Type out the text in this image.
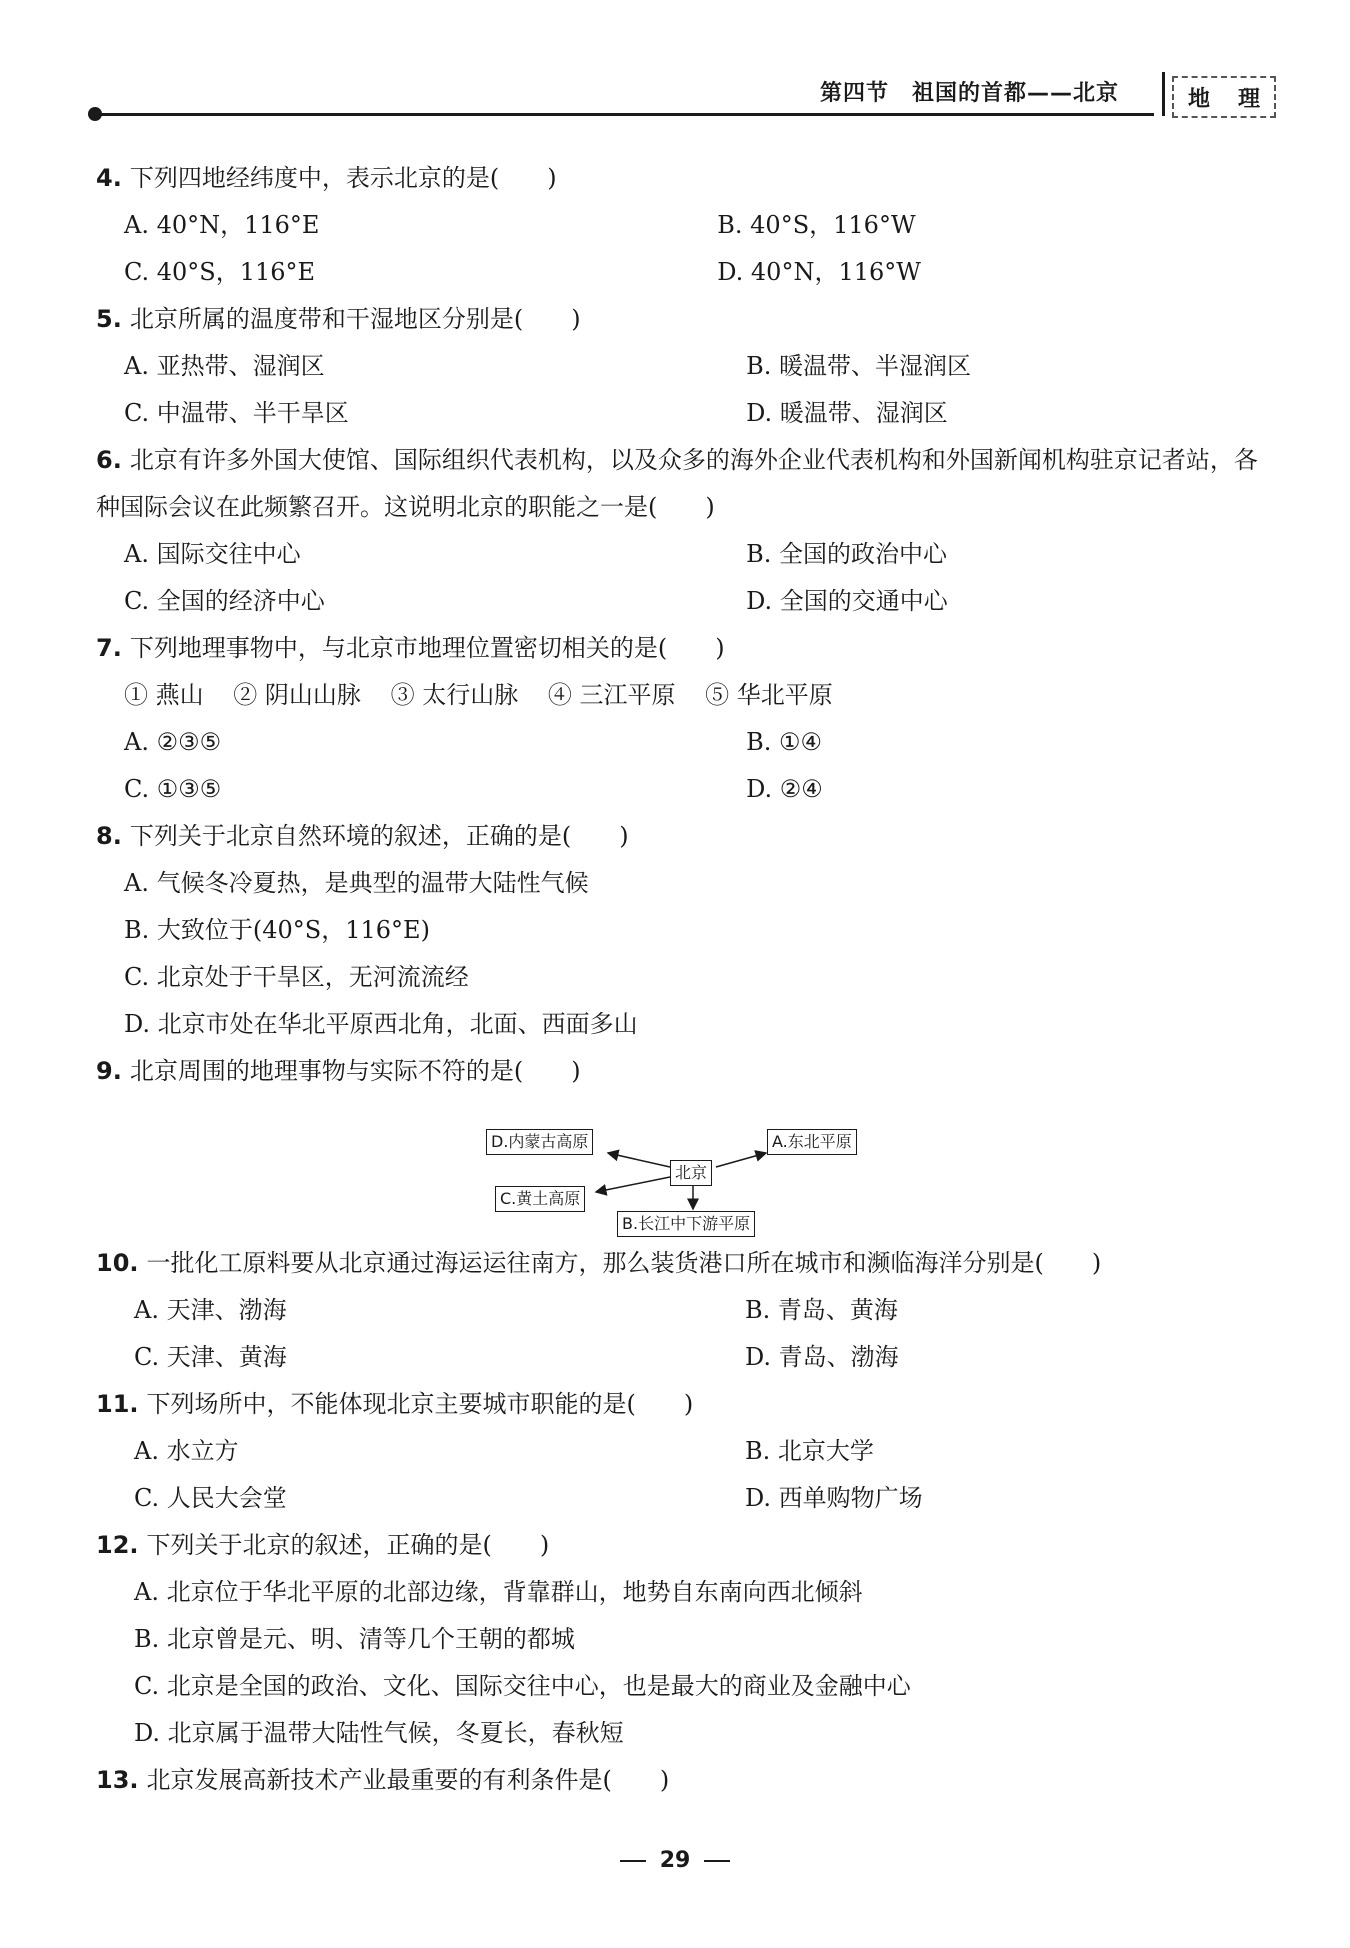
第四节　祖国的首都——北京	地 理
4. 下列四地经纬度中，表示北京的是(　　)
A. 40°N，116°E	B. 40°S，116°W
C. 40°S，116°E	D. 40°N，116°W
5. 北京所属的温度带和干湿地区分别是(　　)
A. 亚热带、湿润区	B. 暖温带、半湿润区
C. 中温带、半干旱区	D. 暖温带、湿润区
6. 北京有许多外国大使馆、国际组织代表机构，以及众多的海外企业代表机构和外国新闻机构驻京记者站，各种国际会议在此频繁召开。这说明北京的职能之一是(　　)
A. 国际交往中心	B. 全国的政治中心
C. 全国的经济中心	D. 全国的交通中心
7. 下列地理事物中，与北京市地理位置密切相关的是(　　)
① 燕山 ② 阴山山脉 ③ 太行山脉 ④ 三江平原 ⑤ 华北平原
A. ②③⑤	B. ①④
C. ①③⑤	D. ②④
8. 下列关于北京自然环境的叙述，正确的是(　　)
A. 气候冬冷夏热，是典型的温带大陆性气候
B. 大致位于(40°S，116°E)
C. 北京处于干旱区，无河流流经
D. 北京市处在华北平原西北角，北面、西面多山
9. 北京周围的地理事物与实际不符的是(　　)
D.内蒙古高原	A.东北平原
北京
C.黄土高原
B.长江中下游平原
10. 一批化工原料要从北京通过海运运往南方，那么装货港口所在城市和濒临海洋分别是(　　)
A. 天津、渤海	B. 青岛、黄海
C. 天津、黄海	D. 青岛、渤海
11. 下列场所中，不能体现北京主要城市职能的是(　　)
A. 水立方	B. 北京大学
C. 人民大会堂	D. 西单购物广场
12. 下列关于北京的叙述，正确的是(　　)
A. 北京位于华北平原的北部边缘，背靠群山，地势自东南向西北倾斜
B. 北京曾是元、明、清等几个王朝的都城
C. 北京是全国的政治、文化、国际交往中心，也是最大的商业及金融中心
D. 北京属于温带大陆性气候，冬夏长，春秋短
13. 北京发展高新技术产业最重要的有利条件是(　　)
29
